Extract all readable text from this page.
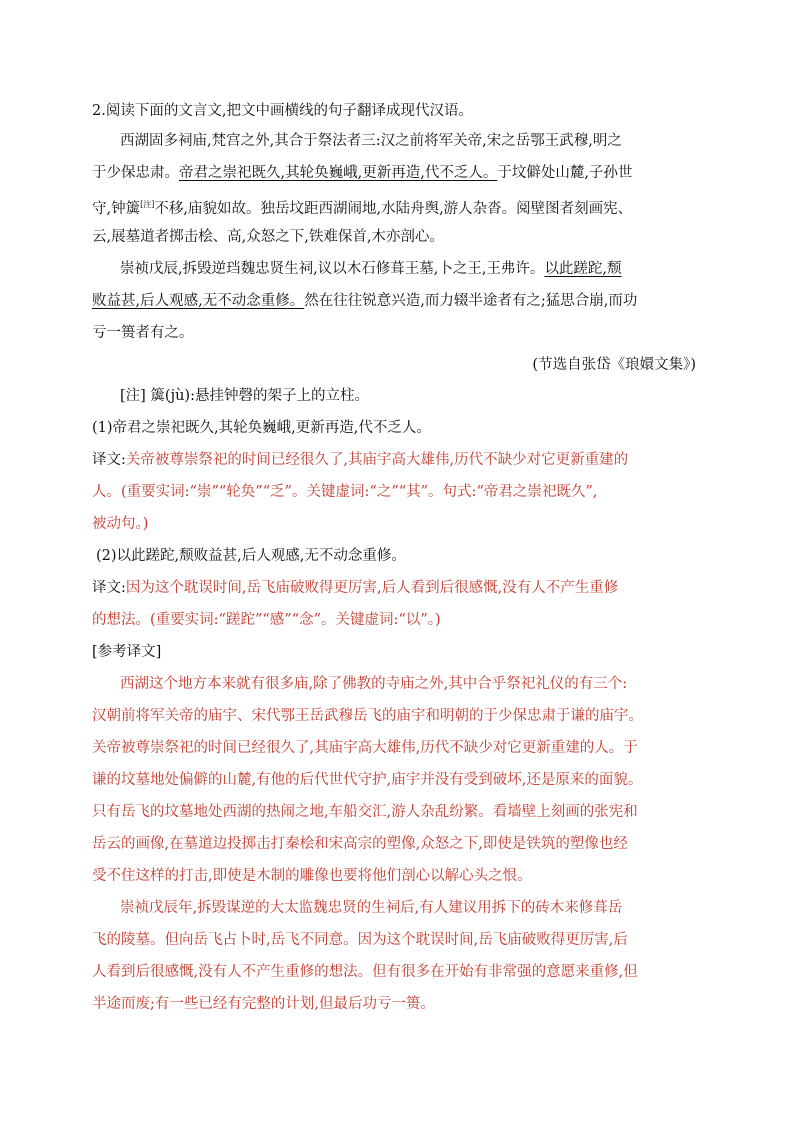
2.阅读下面的文言文,把文中画横线的句子翻译成现代汉语。
西湖固多祠庙,梵宫之外,其合于祭法者三:汉之前将军关帝,宋之岳鄂王武穆,明之
于少保忠肃。帝君之崇祀既久,其轮奂巍峨,更新再造,代不乏人。于坟僻处山麓,子孙世
守,钟簴[注]不移,庙貌如故。独岳坟距西湖闹地,水陆舟舆,游人杂沓。阅壁图者刻画宪、
云,展墓道者掷击桧、高,众怒之下,铁难保首,木亦剖心。
崇祯戊辰,拆毁逆珰魏忠贤生祠,议以木石修葺王墓,卜之王,王弗许。以此蹉跎,颓
败益甚,后人观感,无不动念重修。然在往往锐意兴造,而力辍半途者有之;猛思合崩,而功
亏一篑者有之。
(节选自张岱《琅嬛文集》)
[注] 簴(jù):悬挂钟磬的架子上的立柱。
(1)帝君之崇祀既久,其轮奂巍峨,更新再造,代不乏人。
译文:关帝被尊崇祭祀的时间已经很久了,其庙宇高大雄伟,历代不缺少对它更新重建的
人。(重要实词:“崇”“轮奂”“乏”。关键虚词:“之”“其”。句式:“帝君之崇祀既久”,
被动句。)
(2)以此蹉跎,颓败益甚,后人观感,无不动念重修。
译文:因为这个耽误时间,岳飞庙破败得更厉害,后人看到后很感慨,没有人不产生重修
的想法。(重要实词:“蹉跎”“感”“念”。关键虚词:“以”。)
[参考译文]
西湖这个地方本来就有很多庙,除了佛教的寺庙之外,其中合乎祭祀礼仪的有三个:
汉朝前将军关帝的庙宇、宋代鄂王岳武穆岳飞的庙宇和明朝的于少保忠肃于谦的庙宇。
关帝被尊崇祭祀的时间已经很久了,其庙宇高大雄伟,历代不缺少对它更新重建的人。于
谦的坟墓地处偏僻的山麓,有他的后代世代守护,庙宇并没有受到破坏,还是原来的面貌。
只有岳飞的坟墓地处西湖的热闹之地,车船交汇,游人杂乱纷繁。看墙壁上刻画的张宪和
岳云的画像,在墓道边投掷击打秦桧和宋高宗的塑像,众怒之下,即使是铁筑的塑像也经
受不住这样的打击,即使是木制的雕像也要将他们剖心以解心头之恨。
崇祯戊辰年,拆毁谋逆的大太监魏忠贤的生祠后,有人建议用拆下的砖木来修葺岳
飞的陵墓。但向岳飞占卜时,岳飞不同意。因为这个耽误时间,岳飞庙破败得更厉害,后
人看到后很感慨,没有人不产生重修的想法。但有很多在开始有非常强的意愿来重修,但
半途而废;有一些已经有完整的计划,但最后功亏一篑。
